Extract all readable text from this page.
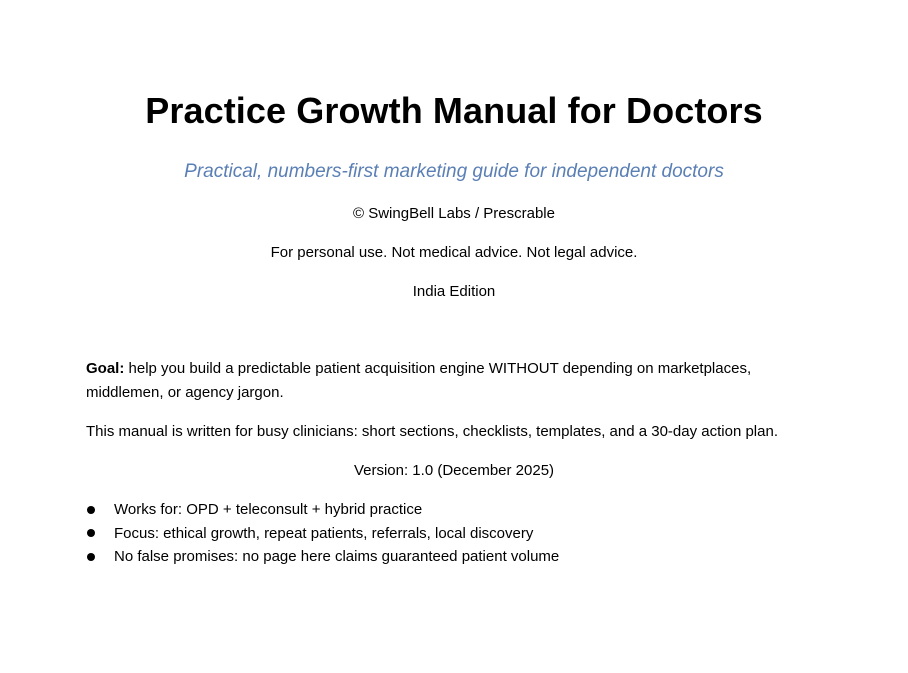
Practice Growth Manual for Doctors

Practical, numbers-first marketing guide for independent doctors

© SwingBell Labs / Prescrable

For personal use. Not medical advice. Not legal advice.

India Edition

Goal: help you build a predictable patient acquisition engine WITHOUT depending on marketplaces, middlemen, or agency jargon.

This manual is written for busy clinicians: short sections, checklists, templates, and a 30-day action plan.

Version: 1.0 (December 2025)

Works for: OPD + teleconsult + hybrid practice
Focus: ethical growth, repeat patients, referrals, local discovery
No false promises: no page here claims guaranteed patient volume
